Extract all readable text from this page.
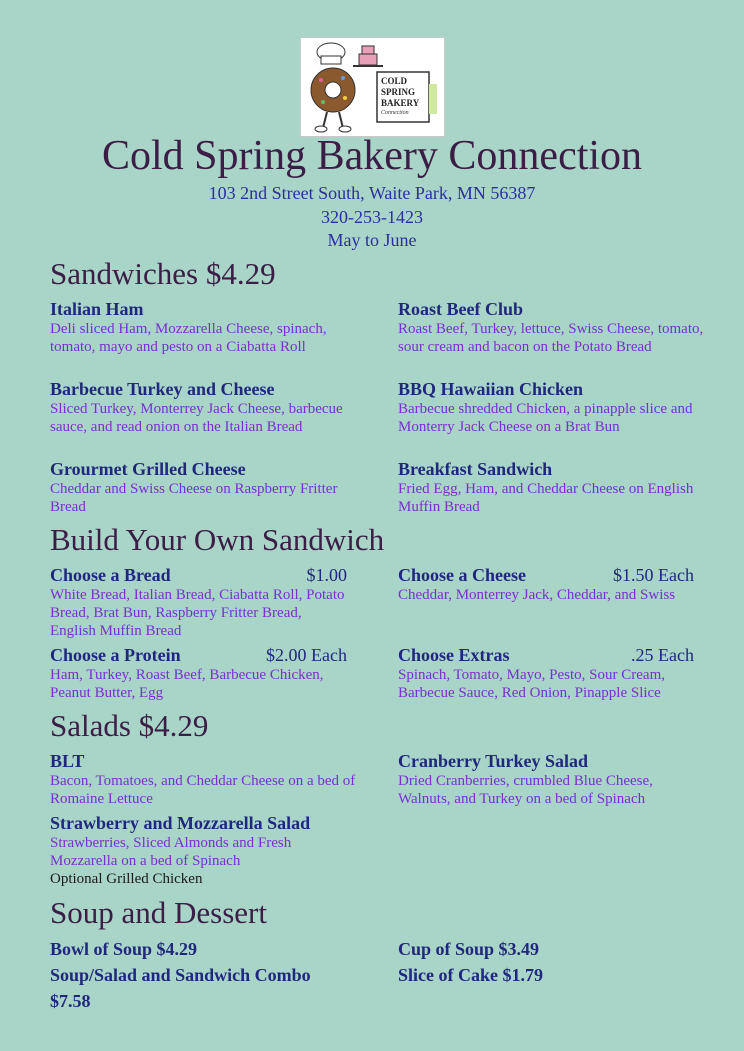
COLD
SPRING
BAKERY
Connection
Cold Spring Bakery Connection
103 2nd Street South, Waite Park, MN 56387
320-253-1423
May to June
Sandwiches $4.29
Italian Ham
Deli sliced Ham, Mozzarella Cheese, spinach, tomato, mayo and pesto on a Ciabatta Roll
Roast Beef Club
Roast Beef, Turkey, lettuce, Swiss Cheese, tomato, sour cream and bacon on the Potato Bread
Barbecue Turkey and Cheese
Sliced Turkey, Monterrey Jack Cheese, barbecue sauce, and read onion on the Italian Bread
BBQ Hawaiian Chicken
Barbecue shredded Chicken, a pinapple slice and Monterry Jack Cheese on a Brat Bun
Grourmet Grilled Cheese
Cheddar and Swiss Cheese on Raspberry Fritter Bread
Breakfast Sandwich
Fried Egg, Ham, and Cheddar Cheese on English Muffin Bread
Build Your Own Sandwich
Choose a Bread	$1.00
White Bread, Italian Bread, Ciabatta Roll, Potato Bread, Brat Bun, Raspberry Fritter Bread, English Muffin Bread
Choose a Cheese	$1.50 Each
Cheddar, Monterrey Jack, Cheddar, and Swiss
Choose a Protein	$2.00 Each
Ham, Turkey, Roast Beef, Barbecue Chicken, Peanut Butter, Egg
Choose Extras	.25 Each
Spinach, Tomato, Mayo, Pesto, Sour Cream, Barbecue Sauce, Red Onion, Pinapple Slice
Salads $4.29
BLT
Bacon, Tomatoes, and Cheddar Cheese on a bed of Romaine Lettuce
Cranberry Turkey Salad
Dried Cranberries, crumbled Blue Cheese, Walnuts, and Turkey on a bed of Spinach
Strawberry and Mozzarella Salad
Strawberries, Sliced Almonds and Fresh Mozzarella on a bed of Spinach
Optional Grilled Chicken
Soup and Dessert
Bowl of Soup $4.29
Soup/Salad and Sandwich Combo $7.58
Cup of Soup $3.49
Slice of Cake $1.79
